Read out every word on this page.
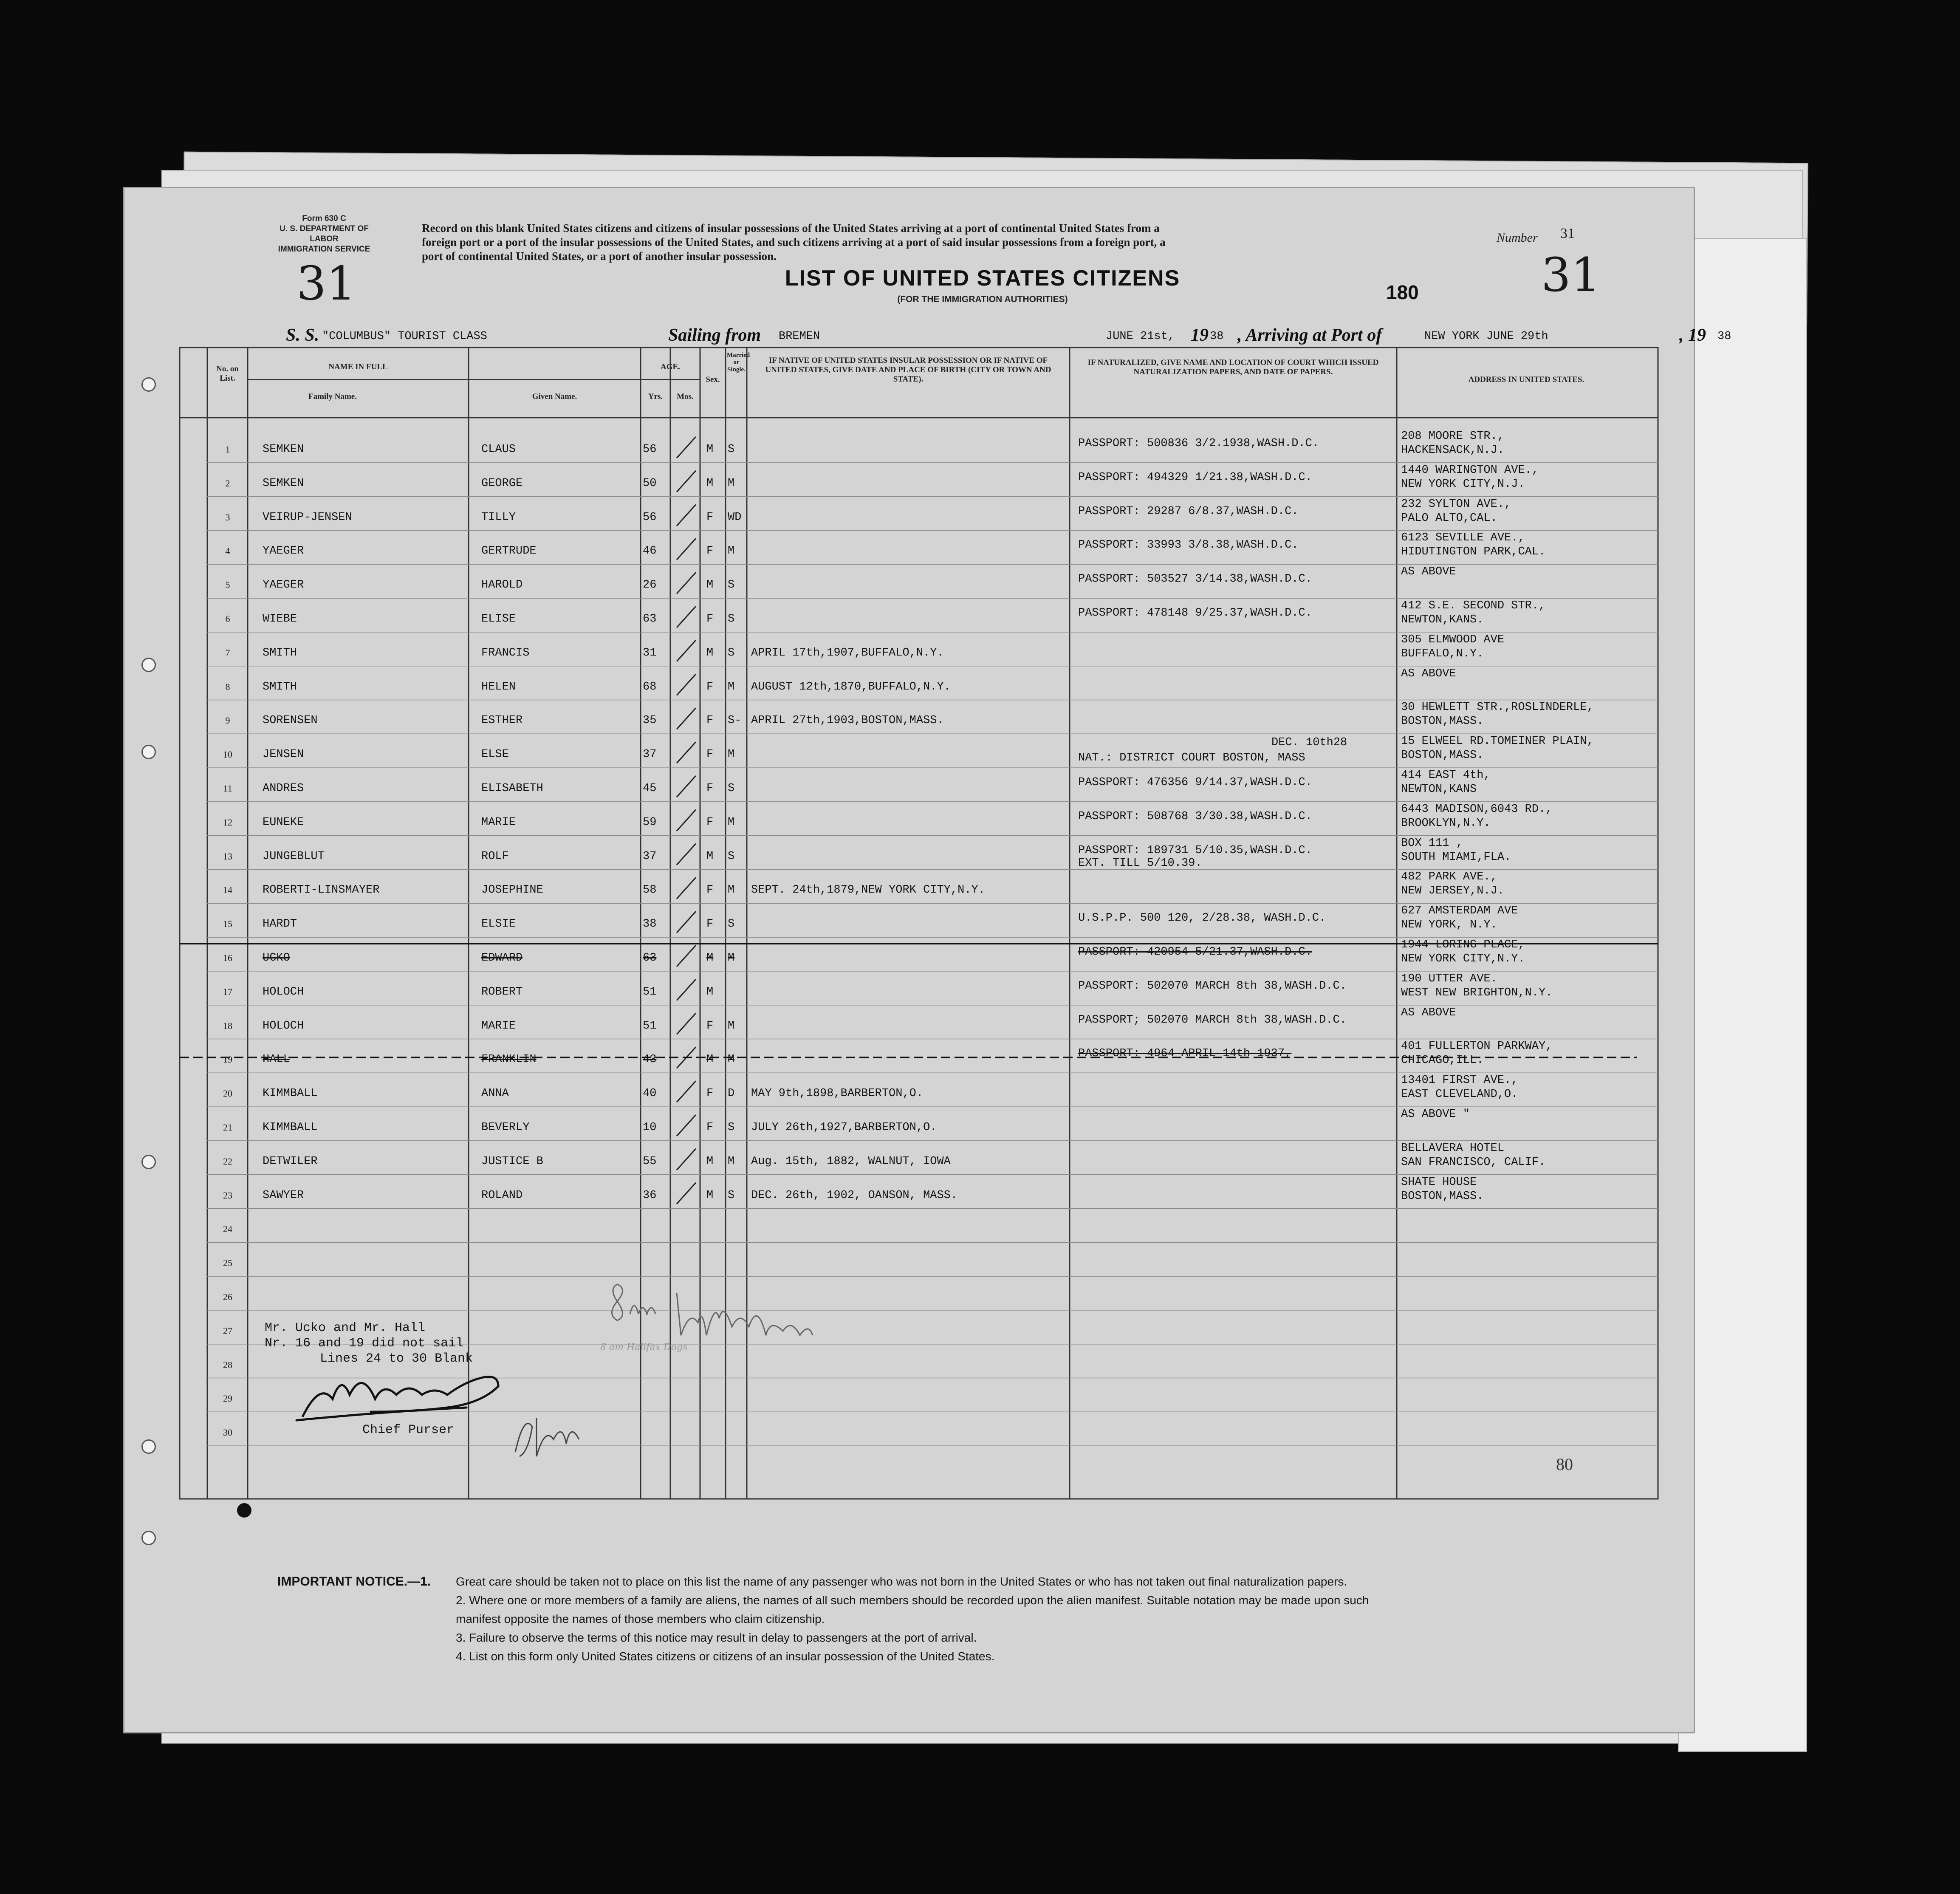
Form 630 C
U. S. DEPARTMENT OF LABOR
IMMIGRATION SERVICE
31	31
Record on this blank United States citizens and citizens of insular possessions of the United States arriving at a port of continental United States from a
foreign port or a port of the insular possessions of the United States, and such citizens arriving at a port of said insular possessions from a foreign port, a
port of continental United States, or a port of another insular possession.
Number 31
LIST OF UNITED STATES CITIZENS
(FOR THE IMMIGRATION AUTHORITIES)	180
S. S. "COLUMBUS" TOURIST CLASS	Sailing from BREMEN	JUNE 21st, 19 38 , Arriving at Port of	NEW YORK JUNE 29th	, 19 38
No. on List.
NAME IN FULL
Family Name.	Given Name.
AGE.
Yrs.	Mos.
Sex.
Married or Single.
IF NATIVE OF UNITED STATES INSULAR POSSESSION OR IF NATIVE OF UNITED STATES, GIVE DATE AND PLACE OF BIRTH (CITY OR TOWN AND STATE).
IF NATURALIZED, GIVE NAME AND LOCATION OF COURT WHICH ISSUED NATURALIZATION PAPERS, AND DATE OF PAPERS.
ADDRESS IN UNITED STATES.
1	SEMKEN	CLAUS	56	M S	PASSPORT: 500836 3/2.1938,WASH.D.C.
208 MOORE STR.,
HACKENSACK,N.J.
2	SEMKEN	GEORGE	50	M M	PASSPORT: 494329 1/21.38,WASH.D.C.
1440 WARINGTON AVE.,
NEW YORK CITY,N.J.
3	VEIRUP-JENSEN	TILLY	56	F WD	PASSPORT: 29287 6/8.37,WASH.D.C.
232 SYLTON AVE.,
PALO ALTO,CAL.
4	YAEGER	GERTRUDE	46	F M	PASSPORT: 33993 3/8.38,WASH.D.C.
6123 SEVILLE AVE.,
HIDUTINGTON PARK,CAL.
5	YAEGER	HAROLD	26	M S	PASSPORT: 503527 3/14.38,WASH.D.C.
AS ABOVE
6	WIEBE	ELISE	63	F S	PASSPORT: 478148 9/25.37,WASH.D.C.
412 S.E. SECOND STR.,
NEWTON,KANS.
7	SMITH	FRANCIS	31	M S APRIL 17th,1907,BUFFALO,N.Y.
305 ELMWOOD AVE
BUFFALO,N.Y.
8	SMITH	HELEN	68	F M AUGUST 12th,1870,BUFFALO,N.Y.
AS ABOVE
9	SORENSEN	ESTHER	35	F S- APRIL 27th,1903,BOSTON,MASS.
30 HEWLETT STR.,ROSLINDERLE,
BOSTON,MASS.
10	JENSEN	ELSE	37	F M	NAT.: DISTRICT COURT BOSTON, MASS
DEC. 10th28	15 ELWEEL RD.TOMEINER PLAIN,
BOSTON,MASS.
11	ANDRES	ELISABETH	45	F S	PASSPORT: 476356 9/14.37,WASH.D.C.
414 EAST 4th,
NEWTON,KANS
12	EUNEKE	MARIE	59	F M	PASSPORT: 508768 3/30.38,WASH.D.C.
6443 MADISON,6043 RD.,
BROOKLYN,N.Y.
13	JUNGEBLUT	ROLF	37	M S	PASSPORT: 189731 5/10.35,WASH.D.C.
EXT. TILL 5/10.39.
BOX 111 ,
SOUTH MIAMI,FLA.
14	ROBERTI-LINSMAYER	JOSEPHINE	58	F M SEPT. 24th,1879,NEW YORK CITY,N.Y.
482 PARK AVE.,
NEW JERSEY,N.J.
15	HARDT	ELSIE	38	F S	U.S.P.P. 500 120, 2/28.38, WASH.D.C.
627 AMSTERDAM AVE
NEW YORK, N.Y.
16	UCKO	EDWARD	63	M M	PASSPORT: 420954 5/21.37,WASH.D.C.
1944 LORING PLACE,
NEW YORK CITY,N.Y.
17	HOLOCH	ROBERT	51	M	PASSPORT: 502070 MARCH 8th 38,WASH.D.C.
190 UTTER AVE.
WEST NEW BRIGHTON,N.Y.
18	HOLOCH	MARIE	51	F M	PASSPORT; 502070 MARCH 8th 38,WASH.D.C.
AS ABOVE
19	HALL	FRANKLIN	43	M M	PASSPORT: 4964 APRIL 14th 1937,
401 FULLERTON PARKWAY,
CHICAGO,ILL.
20	KIMMBALL	ANNA	40	F D MAY 9th,1898,BARBERTON,O.
13401 FIRST AVE.,
EAST CLEVELAND,O.
21	KIMMBALL	BEVERLY	10	F S JULY 26th,1927,BARBERTON,O.
AS ABOVE "
22	DETWILER	JUSTICE B	55	M M Aug. 15th, 1882, WALNUT, IOWA
BELLAVERA HOTEL
SAN FRANCISCO, CALIF.
23	SAWYER	ROLAND	36	M S DEC. 26th, 1902, OANSON, MASS.
SHATE HOUSE
BOSTON,MASS.
24
25
26
27
28
29
30
8 am Halifax Dogs
Mr. Ucko and Mr. Hall
Nr. 16 and 19 did not sail
Lines 24 to 30 Blank
Chief Purser
80
IMPORTANT NOTICE.—1. Great care should be taken not to place on this list the name of any passenger who was not born in the United States or who has not taken out final naturalization papers.
2. Where one or more members of a family are aliens, the names of all such members should be recorded upon the alien manifest. Suitable notation may be made upon such
manifest opposite the names of those members who claim citizenship.
3. Failure to observe the terms of this notice may result in delay to passengers at the port of arrival.
4. List on this form only United States citizens or citizens of an insular possession of the United States.
